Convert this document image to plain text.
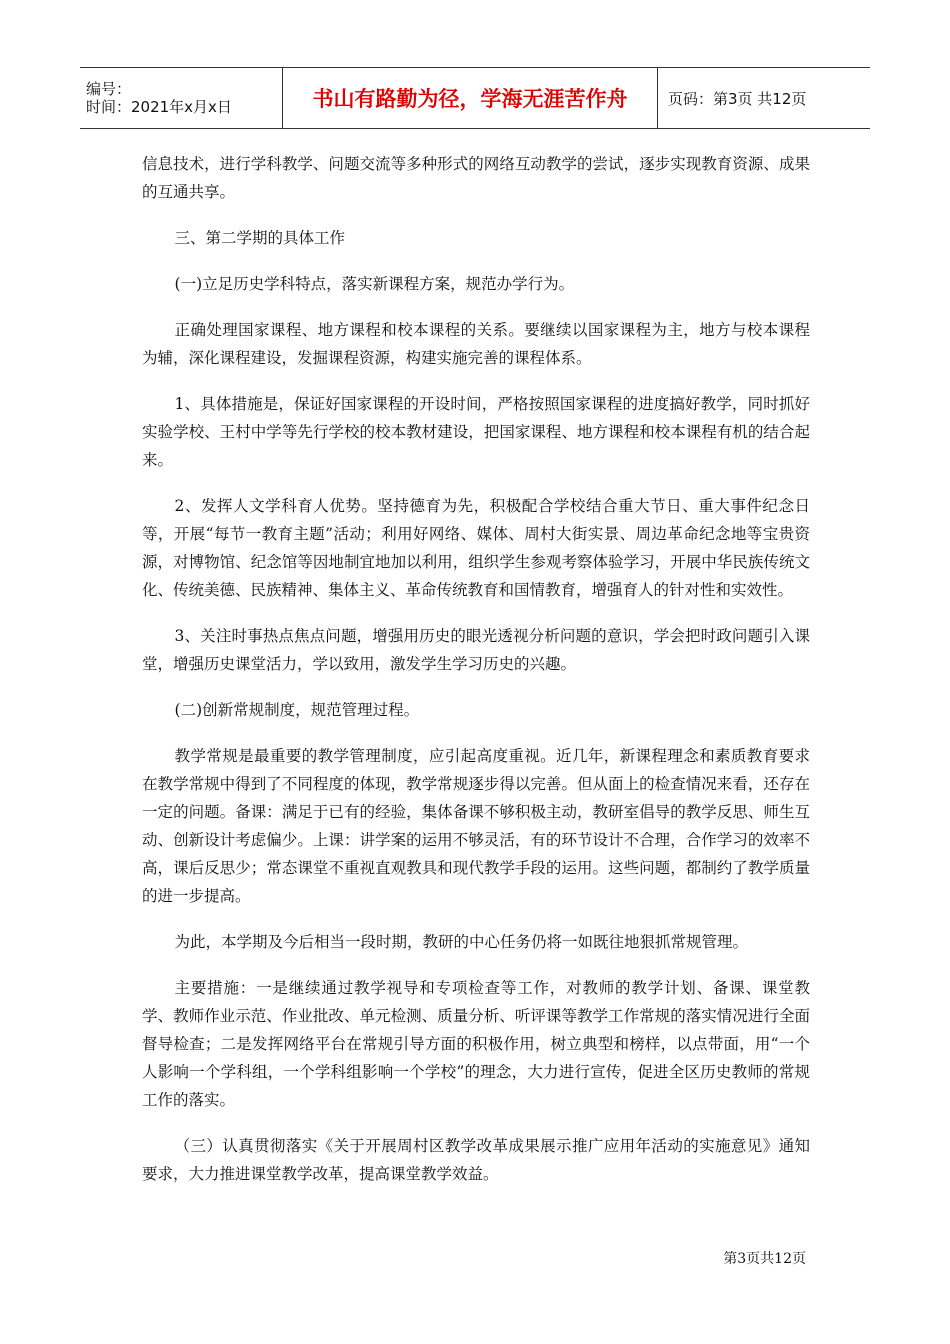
编号：
时间：2021年x月x日	书山有路勤为径，学海无涯苦作舟	页码：第3页 共12页

信息技术，进行学科教学、问题交流等多种形式的网络互动教学的尝试，逐步实现教育资源、成果的互通共享。

三、第二学期的具体工作

(一)立足历史学科特点，落实新课程方案，规范办学行为。

正确处理国家课程、地方课程和校本课程的关系。要继续以国家课程为主，地方与校本课程为辅，深化课程建设，发掘课程资源，构建实施完善的课程体系。

1、具体措施是，保证好国家课程的开设时间，严格按照国家课程的进度搞好教学，同时抓好实验学校、王村中学等先行学校的校本教材建设，把国家课程、地方课程和校本课程有机的结合起来。

2、发挥人文学科育人优势。坚持德育为先，积极配合学校结合重大节日、重大事件纪念日等，开展“每节一教育主题”活动；利用好网络、媒体、周村大街实景、周边革命纪念地等宝贵资源，对博物馆、纪念馆等因地制宜地加以利用，组织学生参观考察体验学习，开展中华民族传统文化、传统美德、民族精神、集体主义、革命传统教育和国情教育，增强育人的针对性和实效性。

3、关注时事热点焦点问题，增强用历史的眼光透视分析问题的意识，学会把时政问题引入课堂，增强历史课堂活力，学以致用，激发学生学习历史的兴趣。

(二)创新常规制度，规范管理过程。

教学常规是最重要的教学管理制度，应引起高度重视。近几年，新课程理念和素质教育要求在教学常规中得到了不同程度的体现，教学常规逐步得以完善。但从面上的检查情况来看，还存在一定的问题。备课：满足于已有的经验，集体备课不够积极主动，教研室倡导的教学反思、师生互动、创新设计考虑偏少。上课：讲学案的运用不够灵活，有的环节设计不合理，合作学习的效率不高，课后反思少；常态课堂不重视直观教具和现代教学手段的运用。这些问题，都制约了教学质量的进一步提高。

为此，本学期及今后相当一段时期，教研的中心任务仍将一如既往地狠抓常规管理。

主要措施：一是继续通过教学视导和专项检查等工作，对教师的教学计划、备课、课堂教学、教师作业示范、作业批改、单元检测、质量分析、听评课等教学工作常规的落实情况进行全面督导检查；二是发挥网络平台在常规引导方面的积极作用，树立典型和榜样，以点带面，用“一个人影响一个学科组，一个学科组影响一个学校”的理念，大力进行宣传，促进全区历史教师的常规工作的落实。

（三）认真贯彻落实《关于开展周村区教学改革成果展示推广应用年活动的实施意见》通知要求，大力推进课堂教学改革，提高课堂教学效益。

第3页共12页
